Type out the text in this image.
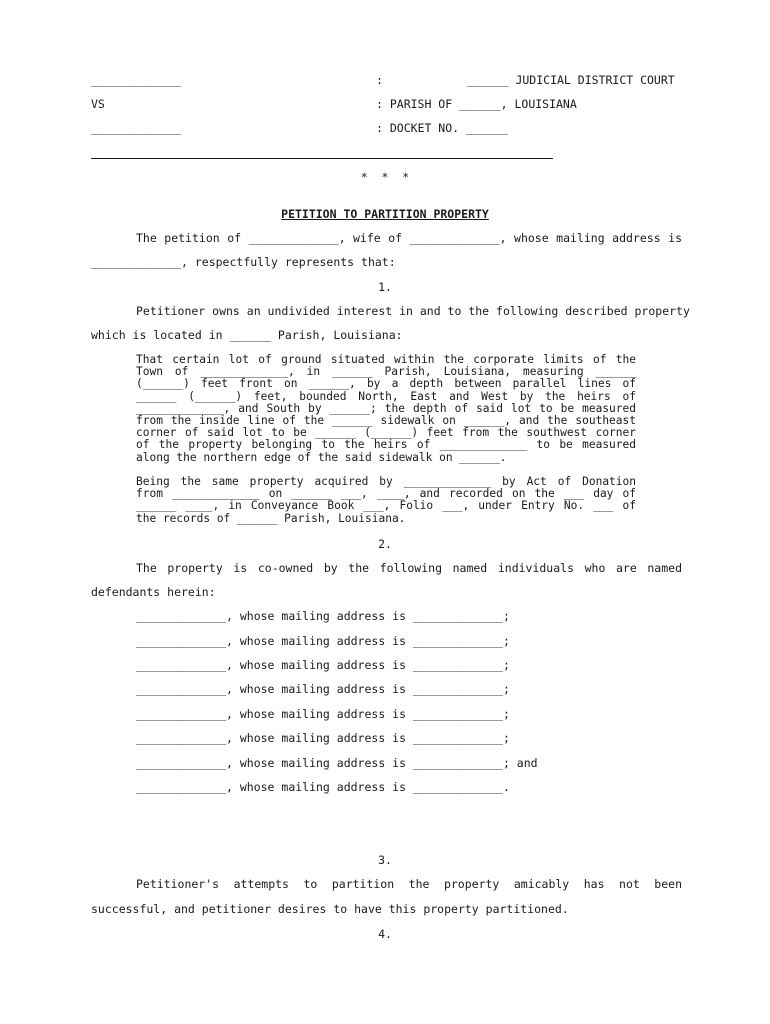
_____________	:	______ JUDICIAL DISTRICT COURT
VS	: PARISH OF ______, LOUISIANA
_____________	: DOCKET NO. ______
*  *  *
PETITION TO PARTITION PROPERTY
The petition of _____________, wife of _____________, whose mailing address is
_____________, respectfully represents that:
1.
Petitioner owns an undivided interest in and to the following described property
which is located in ______ Parish, Louisiana:
That certain lot of ground situated within the corporate limits of the
Town of _____________, in ______ Parish, Louisiana, measuring ______
(______) feet front on ______, by a depth between parallel lines of
______ (______) feet, bounded North, East and West by the heirs of
_____________, and South by ______; the depth of said lot to be measured
from the inside line of the ______ sidewalk on ______, and the southeast
corner of said lot to be ______ (______) feet from the southwest corner
of the property belonging to the heirs of _____________ to be measured
along the northern edge of the said sidewalk on ______.
Being the same property acquired by _____________ by Act of Donation
from _____________ on ______ ___, ____, and recorded on the ___ day of
______ ____, in Conveyance Book ___, Folio ___, under Entry No. ___ of
the records of ______ Parish, Louisiana.
2.
The property is co-owned by the following named individuals who are named
defendants herein:
_____________, whose mailing address is _____________;
_____________, whose mailing address is _____________;
_____________, whose mailing address is _____________;
_____________, whose mailing address is _____________;
_____________, whose mailing address is _____________;
_____________, whose mailing address is _____________;
_____________, whose mailing address is _____________; and
_____________, whose mailing address is _____________.
3.
Petitioner's attempts to partition the property amicably has not been
successful, and petitioner desires to have this property partitioned.
4.
